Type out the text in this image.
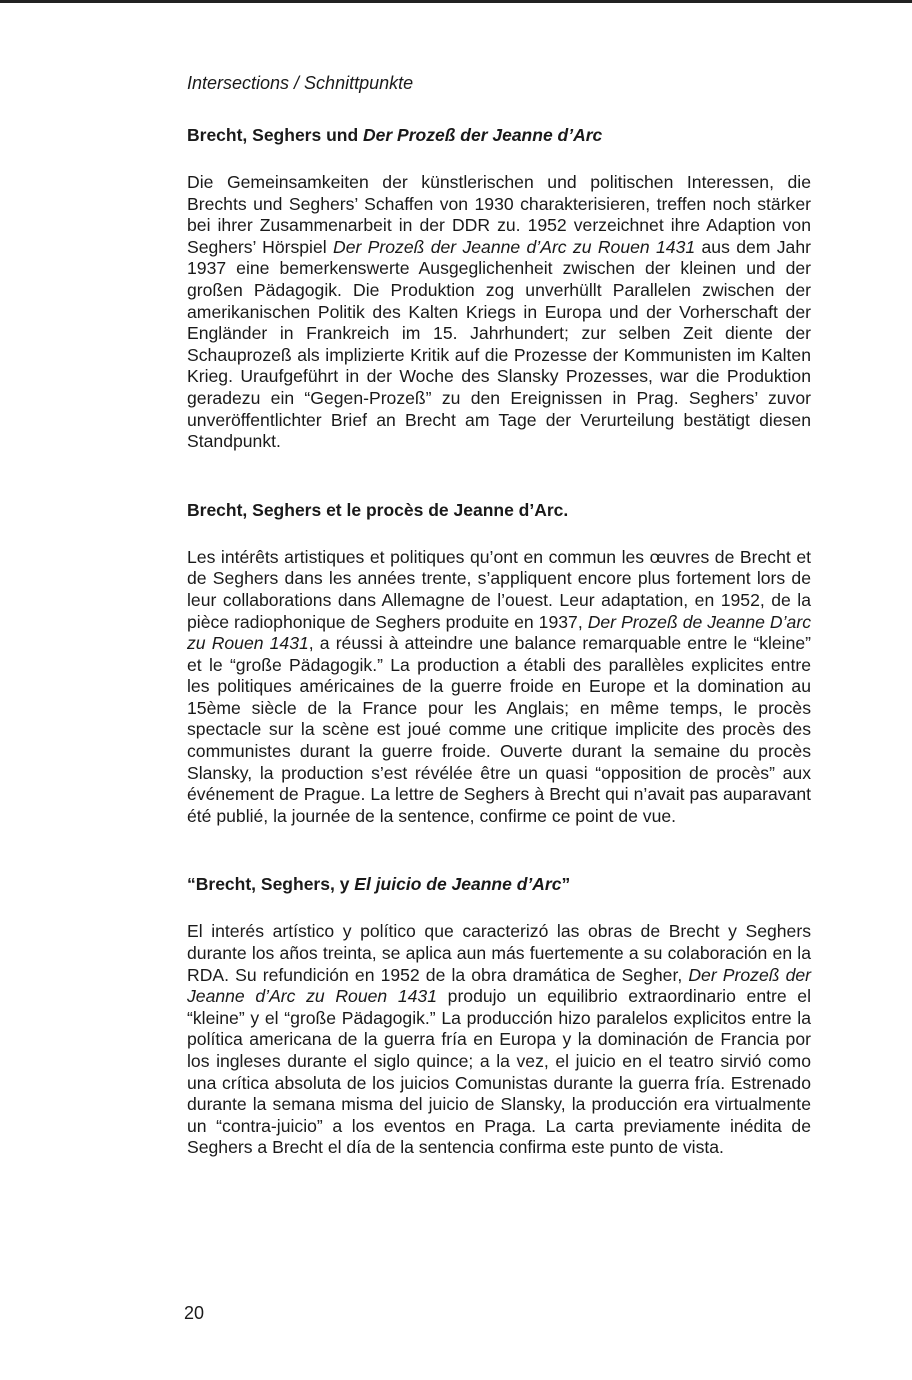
Intersections / Schnittpunkte
Brecht, Seghers und Der Prozeß der Jeanne d’Arc

Die Gemeinsamkeiten der künstlerischen und politischen Interessen, die Brechts und Seghers’ Schaffen von 1930 charakterisieren, treffen noch stärker bei ihrer Zusammenarbeit in der DDR zu. 1952 verzeichnet ihre Adaption von Seghers’ Hörspiel Der Prozeß der Jeanne d’Arc zu Rouen 1431 aus dem Jahr 1937 eine bemerkenswerte Ausgeglichenheit zwischen der kleinen und der großen Pädagogik. Die Produktion zog unverhüllt Parallelen zwischen der amerikanischen Politik des Kalten Kriegs in Europa und der Vorherschaft der Engländer in Frankreich im 15. Jahrhundert; zur selben Zeit diente der Schauprozeß als implizierte Kritik auf die Prozesse der Kommunisten im Kalten Krieg. Uraufgeführt in der Woche des Slansky Prozesses, war die Produktion geradezu ein “Gegen-Prozeß” zu den Ereignissen in Prag. Seghers’ zuvor unveröffentlichter Brief an Brecht am Tage der Verurteilung bestätigt diesen Standpunkt.

Brecht, Seghers et le procès de Jeanne d’Arc.

Les intérêts artistiques et politiques qu’ont en commun les œuvres de Brecht et de Seghers dans les années trente, s’appliquent encore plus fortement lors de leur collaborations dans Allemagne de l’ouest. Leur adaptation, en 1952, de la pièce radiophonique de Seghers produite en 1937, Der Prozeß de Jeanne D’arc zu Rouen 1431, a réussi à atteindre une balance remarquable entre le “kleine” et le “große Pädagogik.” La production a établi des parallèles explicites entre les politiques américaines de la guerre froide en Europe et la domination au 15ème siècle de la France pour les Anglais; en même temps, le procès spectacle sur la scène est joué comme une critique implicite des procès des communistes durant la guerre froide. Ouverte durant la semaine du procès Slansky, la production s’est révélée être un quasi “opposition de procès” aux événement de Prague. La lettre de Seghers à Brecht qui n’avait pas auparavant été publié, la journée de la sentence, confirme ce point de vue.

“Brecht, Seghers, y El juicio de Jeanne d’Arc”

El interés artístico y político que caracterizó las obras de Brecht y Seghers durante los años treinta, se aplica aun más fuertemente a su colaboración en la RDA. Su refundición en 1952 de la obra dramática de Segher, Der Prozeß der Jeanne d’Arc zu Rouen 1431 produjo un equilibrio extraordinario entre el “kleine” y el “große Pädagogik.” La producción hizo paralelos explicitos entre la política americana de la guerra fría en Europa y la dominación de Francia por los ingleses durante el siglo quince; a la vez, el juicio en el teatro sirvió como una crítica absoluta de los juicios Comunistas durante la guerra fría. Estrenado durante la semana misma del juicio de Slansky, la producción era virtualmente un “contra-juicio” a los eventos en Praga. La carta previamente inédita de Seghers a Brecht el día de la sentencia confirma este punto de vista.

20
